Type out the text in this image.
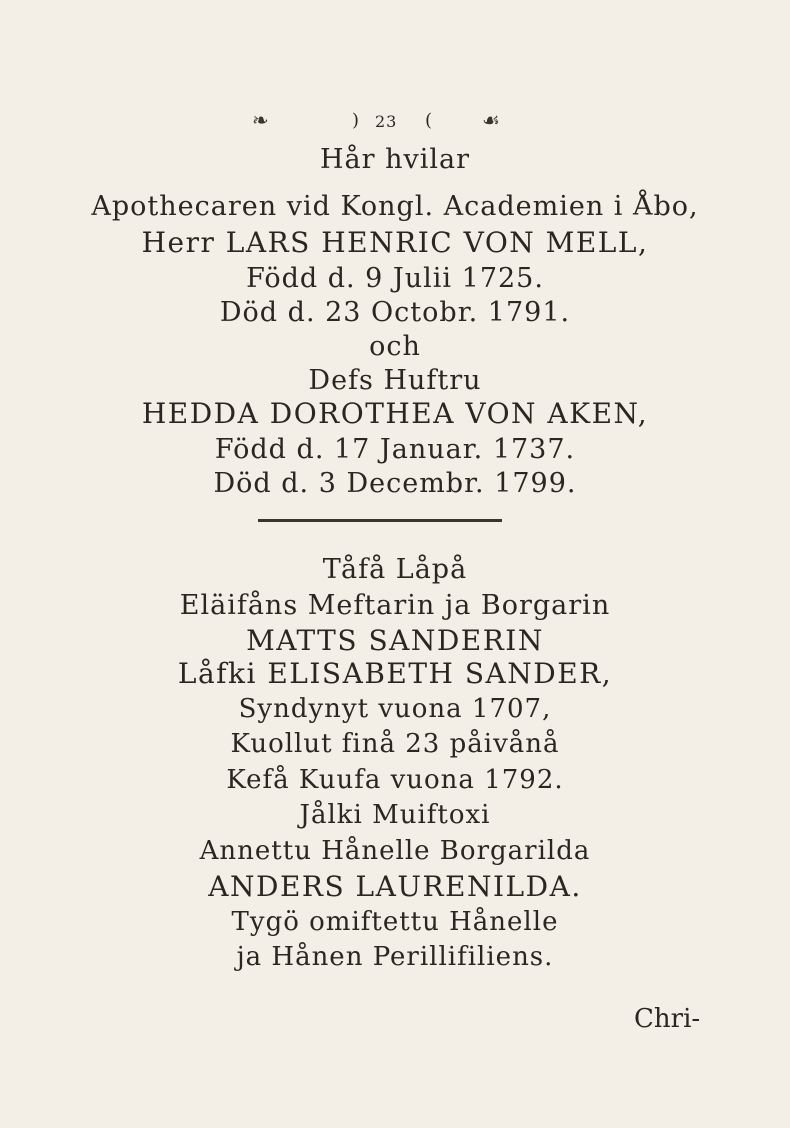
❧	) 23 ( ☙
Hår hvilar
Apothecaren vid Kongl. Academien i Åbo,
Herr LARS HENRIC VON MELL,
Född d. 9 Julii 1725.
Död d. 23 Octobr. 1791.
och
Defs Huftru
HEDDA DOROTHEA VON AKEN,
Född d. 17 Januar. 1737.
Död d. 3 Decembr. 1799.
Tåfå Låpå
Eläifåns Meftarin ja Borgarin
MATTS SANDERIN
Låfki ELISABETH SANDER,
Syndynyt vuona 1707,
Kuollut finå 23 påivånå
Kefå Kuufa vuona 1792.
Jålki Muiftoxi
Annettu Hånelle Borgarilda
ANDERS LAURENILDA.
Tygö omiftettu Hånelle
ja Hånen Perillifiliens.
Chri-
